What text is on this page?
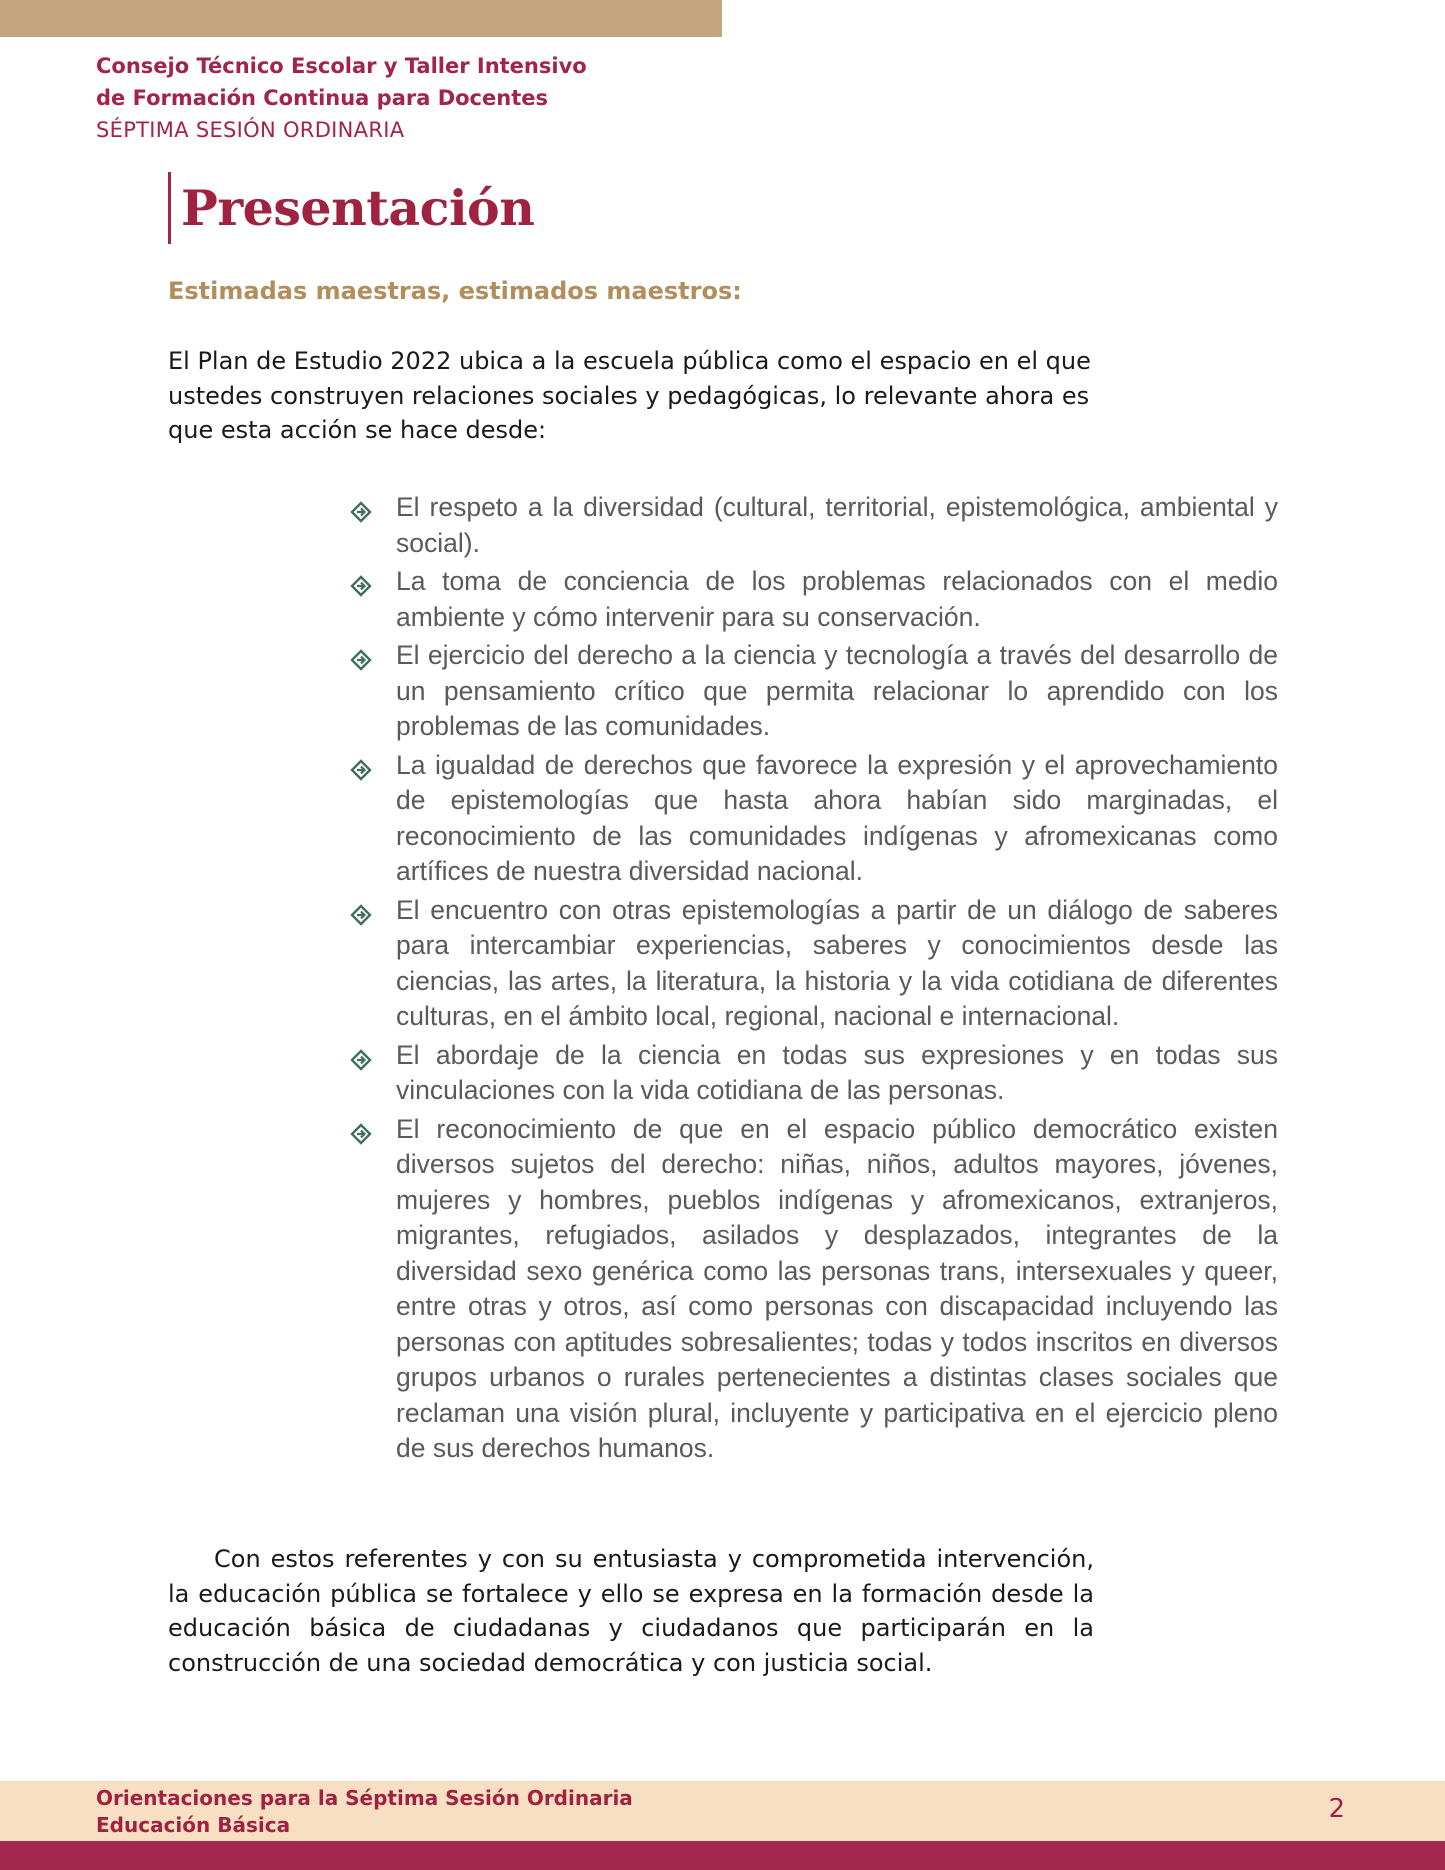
Consejo Técnico Escolar y Taller Intensivo
de Formación Continua para Docentes
SÉPTIMA SESIÓN ORDINARIA
Presentación
Estimadas maestras, estimados maestros:

El Plan de Estudio 2022 ubica a la escuela pública como el espacio en el que ustedes construyen relaciones sociales y pedagógicas, lo relevante ahora es que esta acción se hace desde:

El respeto a la diversidad (cultural, territorial, epistemológica, ambiental y social).
La toma de conciencia de los problemas relacionados con el medio ambiente y cómo intervenir para su conservación.
El ejercicio del derecho a la ciencia y tecnología a través del desarrollo de un pensamiento crítico que permita relacionar lo aprendido con los problemas de las comunidades.
La igualdad de derechos que favorece la expresión y el aprovechamiento de epistemologías que hasta ahora habían sido marginadas, el reconocimiento de las comunidades indígenas y afromexicanas como artífices de nuestra diversidad nacional.
El encuentro con otras epistemologías a partir de un diálogo de saberes para intercambiar experiencias, saberes y conocimientos desde las ciencias, las artes, la literatura, la historia y la vida cotidiana de diferentes culturas, en el ámbito local, regional, nacional e internacional.
El abordaje de la ciencia en todas sus expresiones y en todas sus vinculaciones con la vida cotidiana de las personas.
El reconocimiento de que en el espacio público democrático existen diversos sujetos del derecho: niñas, niños, adultos mayores, jóvenes, mujeres y hombres, pueblos indígenas y afromexicanos, extranjeros, migrantes, refugiados, asilados y desplazados, integrantes de la diversidad sexo genérica como las personas trans, intersexuales y queer, entre otras y otros, así como personas con discapacidad incluyendo las personas con aptitudes sobresalientes; todas y todos inscritos en diversos grupos urbanos o rurales pertenecientes a distintas clases sociales que reclaman una visión plural, incluyente y participativa en el ejercicio pleno de sus derechos humanos.

Con estos referentes y con su entusiasta y comprometida intervención, la educación pública se fortalece y ello se expresa en la formación desde la educación básica de ciudadanas y ciudadanos que participarán en la construcción de una sociedad democrática y con justicia social.

Orientaciones para la Séptima Sesión Ordinaria
Educación Básica
2
